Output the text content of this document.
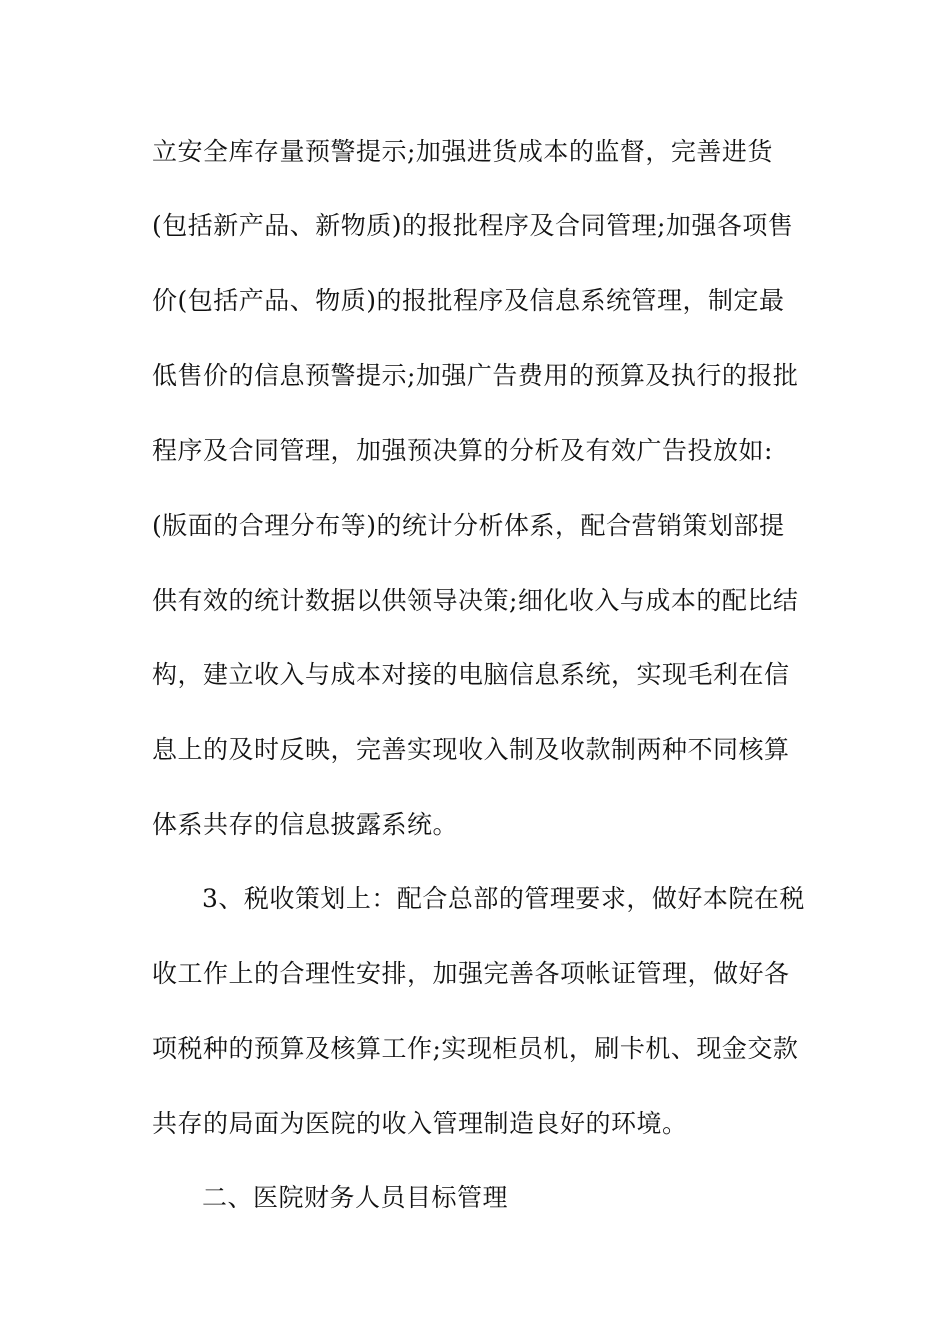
立安全库存量预警提示;加强进货成本的监督，完善进货
(包括新产品、新物质)的报批程序及合同管理;加强各项售
价(包括产品、物质)的报批程序及信息系统管理，制定最
低售价的信息预警提示;加强广告费用的预算及执行的报批
程序及合同管理，加强预决算的分析及有效广告投放如:
(版面的合理分布等)的统计分析体系，配合营销策划部提
供有效的统计数据以供领导决策;细化收入与成本的配比结
构，建立收入与成本对接的电脑信息系统，实现毛利在信
息上的及时反映，完善实现收入制及收款制两种不同核算
体系共存的信息披露系统。
3、税收策划上：配合总部的管理要求，做好本院在税
收工作上的合理性安排，加强完善各项帐证管理，做好各
项税种的预算及核算工作;实现柜员机，刷卡机、现金交款
共存的局面为医院的收入管理制造良好的环境。
二、医院财务人员目标管理
